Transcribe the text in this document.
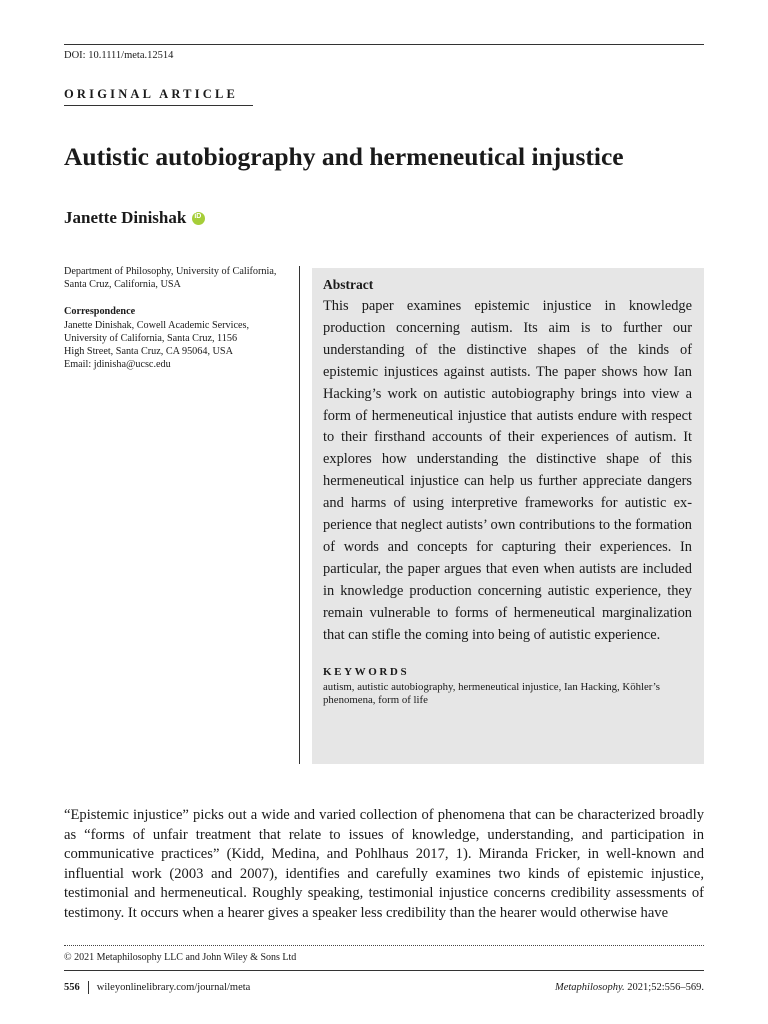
DOI: 10.1111/meta.12514
ORIGINAL ARTICLE
Autistic autobiography and hermeneutical injustice
Janette Dinishak
iD

Department of Philosophy, University of California, Santa Cruz, California, USA

Correspondence

Janette Dinishak, Cowell Academic Services,

University of California, Santa Cruz, 1156

High Street, Santa Cruz, CA 95064, USA

Email: jdinisha@ucsc.edu

Abstract

This paper examines epistemic injustice in knowledge production concerning autism. Its aim is to further our understanding of the distinctive shapes of the kinds of epistemic injustices against autists. The paper shows how Ian Hacking’s work on autistic autobiography brings into view a form of hermeneutical injustice that autists endure with respect to their firsthand accounts of their experiences of autism. It explores how understanding the distinctive shape of this hermeneutical injustice can help us further appreciate dangers and harms of using interpretive frameworks for autistic experience that neglect autists’ own contributions to the formation of words and concepts for capturing their experiences. In particular, the paper argues that even when autists are included in knowledge production concerning autistic experience, they remain vulnerable to forms of hermeneutical marginalization that can stifle the coming into being of autistic experience.

KEYWORDS

autism, autistic autobiography, hermeneutical injustice, Ian Hacking, Köhler’s phenomena, form of life

“Epistemic injustice” picks out a wide and varied collection of phenomena that can be characterized broadly as “forms of unfair treatment that relate to issues of knowledge, understanding, and participation in communicative practices” (Kidd, Medina, and Pohlhaus 2017, 1). Miranda Fricker, in well-known and influential work (2003 and 2007), identifies and carefully examines two kinds of epistemic injustice, testimonial and hermeneutical. Roughly speaking, testimonial injustice concerns credibility assessments of testimony. It occurs when a hearer gives a speaker less credibility than the hearer would otherwise have

© 2021 Metaphilosophy LLC and John Wiley & Sons Ltd
556 wileyonlinelibrary.com/journal/meta	Metaphilosophy. 2021;52:556–569.
